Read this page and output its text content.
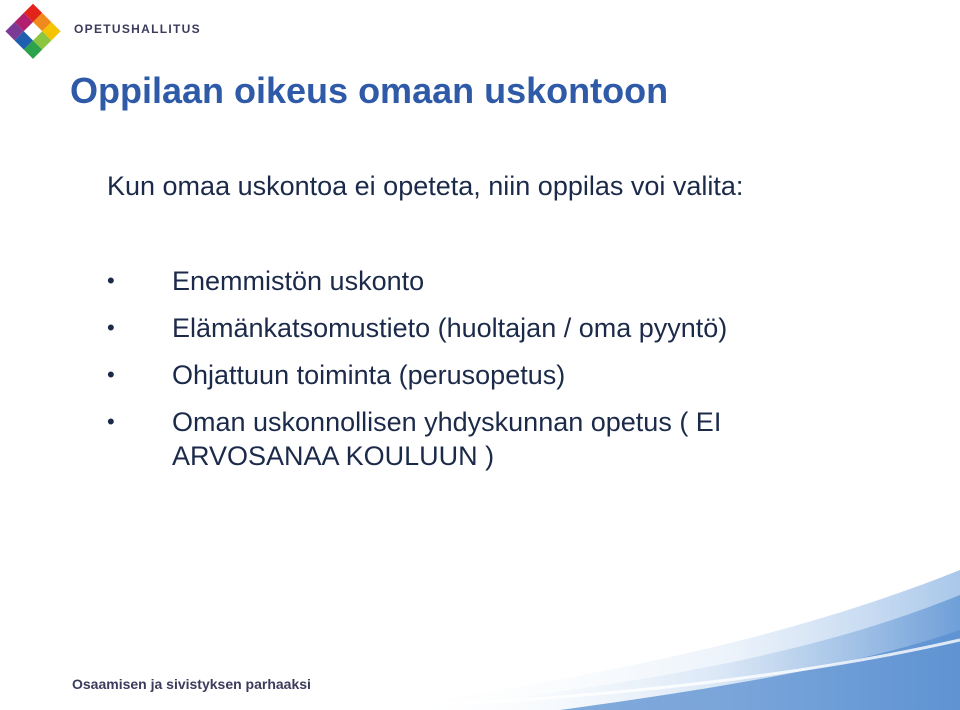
OPETUSHALLITUS
Oppilaan oikeus omaan uskontoon
Kun omaa uskontoa ei opeteta, niin oppilas voi valita:
• Enemmistön uskonto
• Elämänkatsomustieto (huoltajan / oma pyyntö)
• Ohjattuun toiminta (perusopetus)
• Oman uskonnollisen yhdyskunnan opetus ( EI ARVOSANAA KOULUUN )
Osaamisen ja sivistyksen parhaaksi
